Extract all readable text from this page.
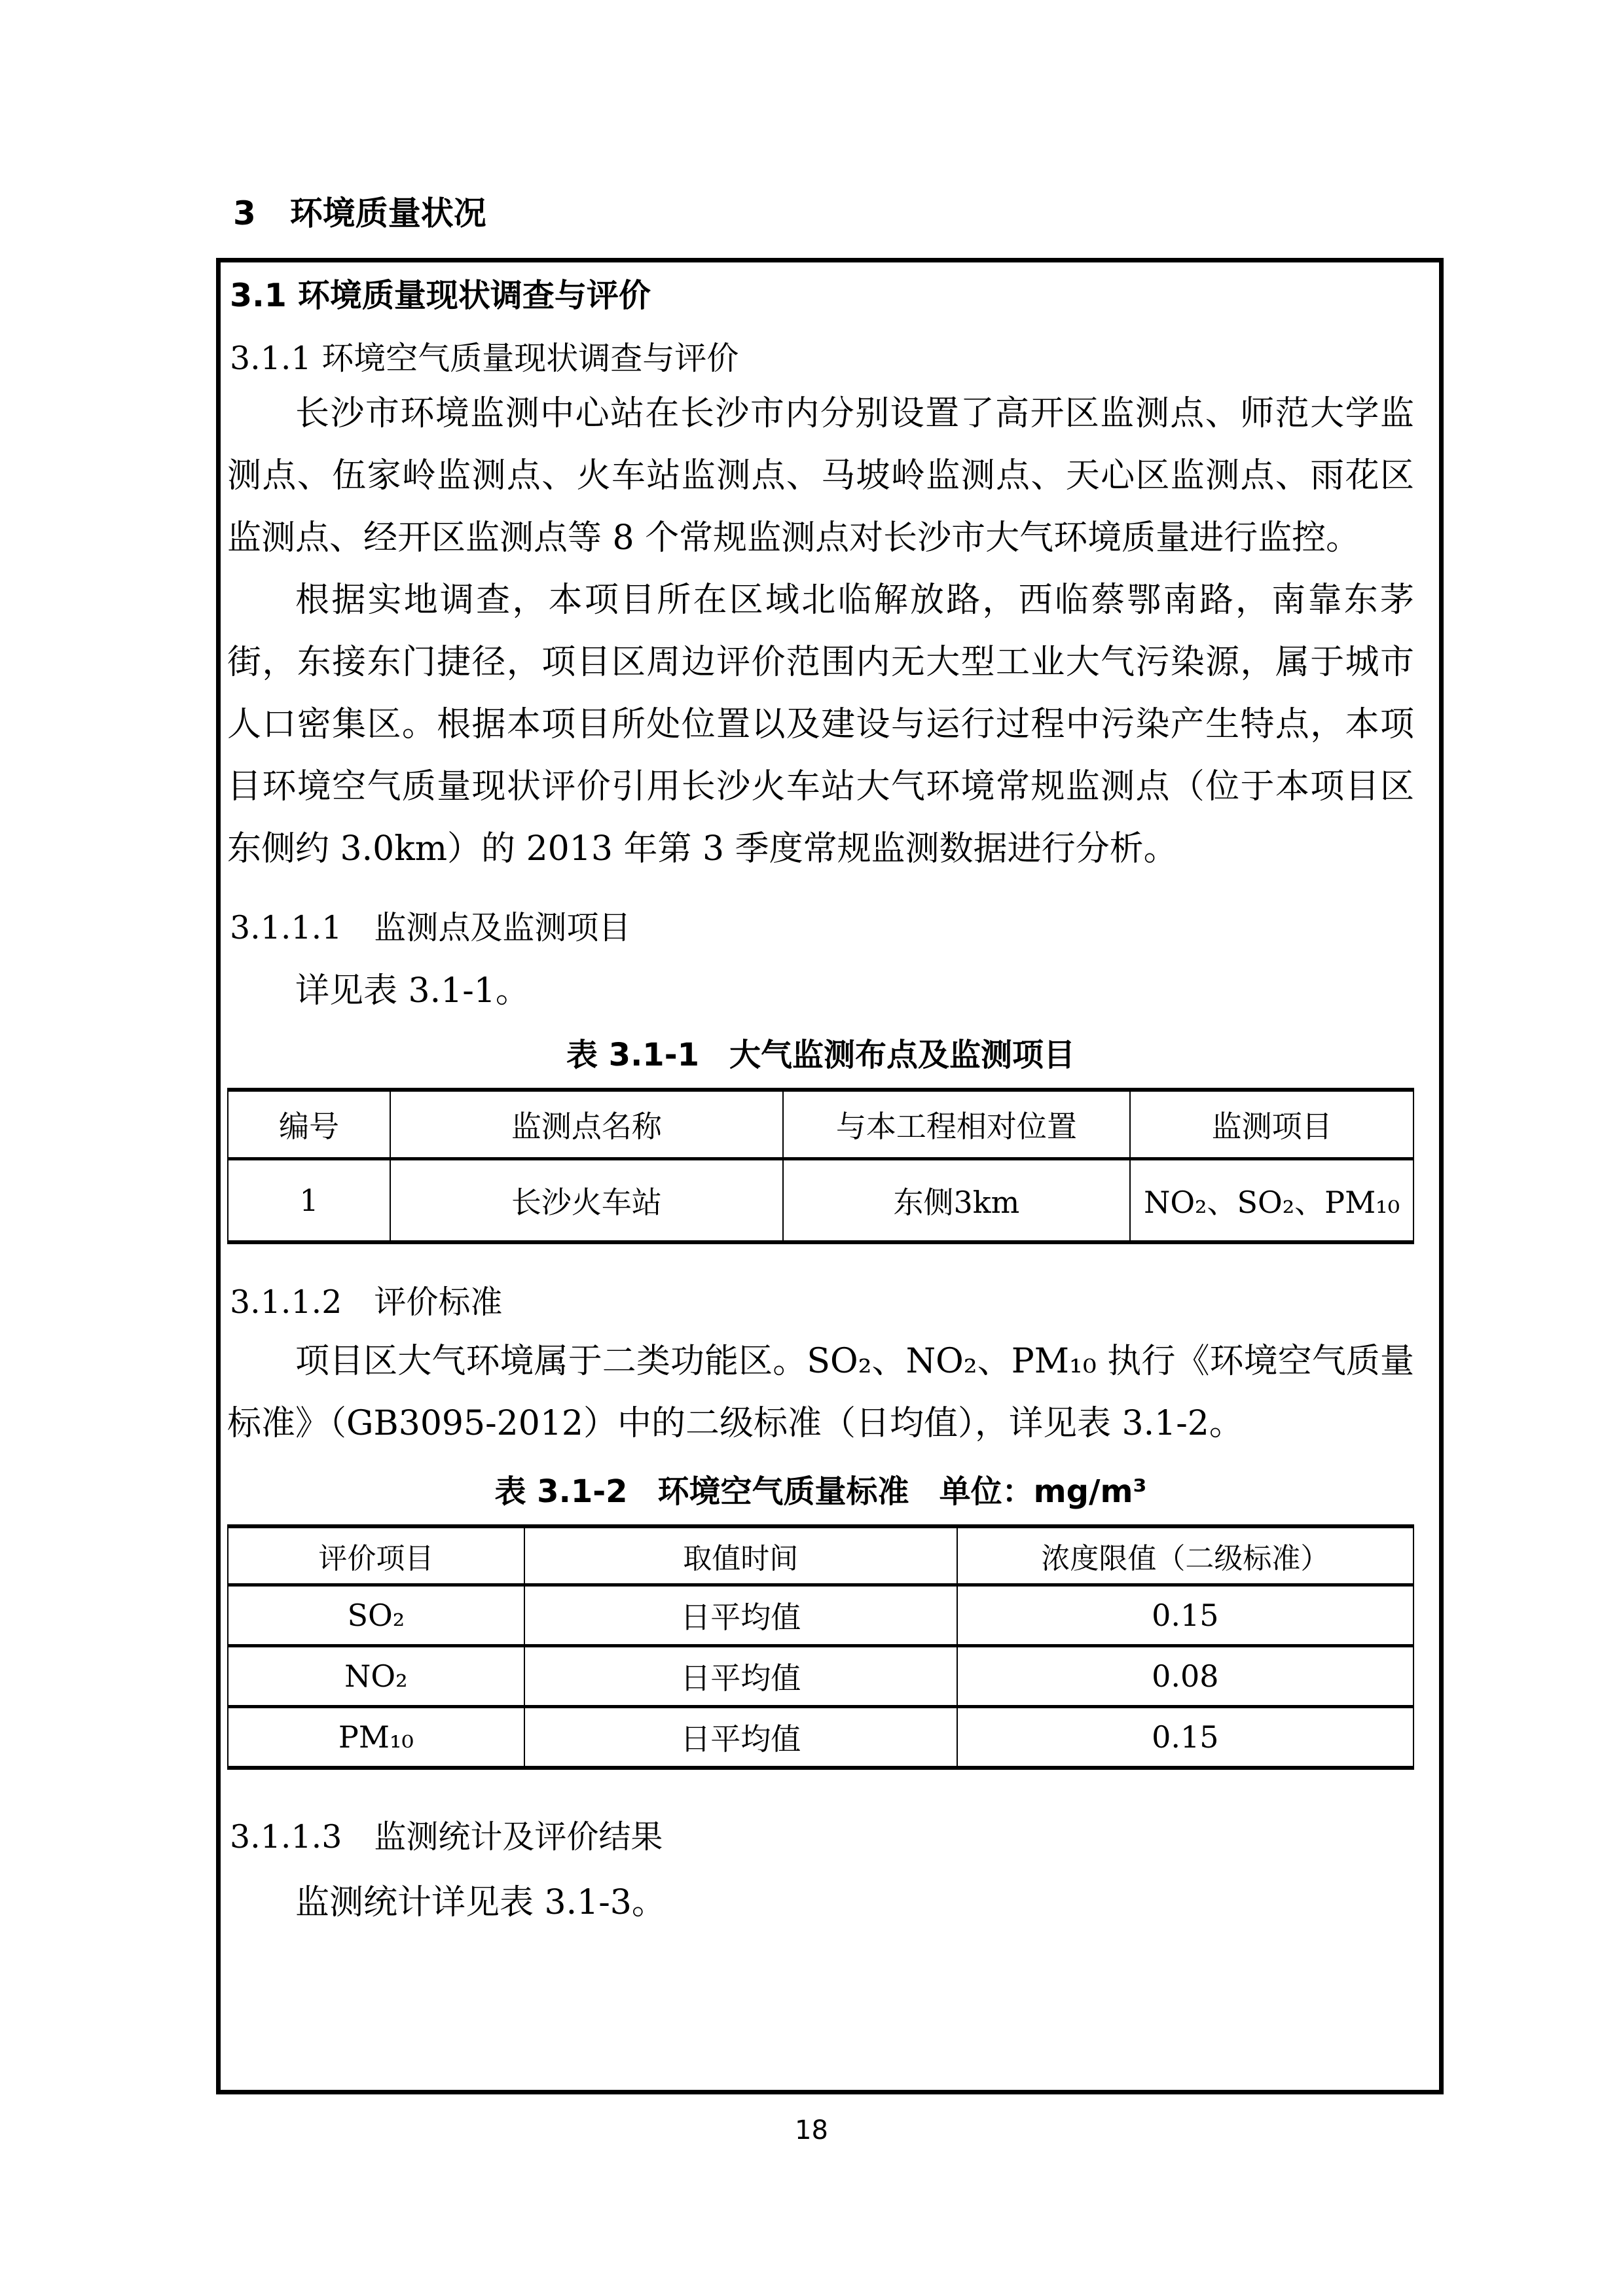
3 环境质量状况
3.1 环境质量现状调查与评价
3.1.1 环境空气质量现状调查与评价

长沙市环境监测中心站在长沙市内分别设置了高开区监测点、师范大学监测点、伍家岭监测点、火车站监测点、马坡岭监测点、天心区监测点、雨花区监测点、经开区监测点等 8 个常规监测点对长沙市大气环境质量进行监控。

根据实地调查，本项目所在区域北临解放路，西临蔡鄂南路，南靠东茅街，东接东门捷径，项目区周边评价范围内无大型工业大气污染源，属于城市人口密集区。根据本项目所处位置以及建设与运行过程中污染产生特点，本项目环境空气质量现状评价引用长沙火车站大气环境常规监测点（位于本项目区东侧约 3.0km）的 2013 年第 3 季度常规监测数据进行分析。

3.1.1.1　监测点及监测项目

详见表 3.1-1。

表 3.1-1 大气监测布点及监测项目
编号	监测点名称	与本工程相对位置	监测项目
1	长沙火车站	东侧3km	NO₂、SO₂、PM₁₀
3.1.1.2　评价标准

项目区大气环境属于二类功能区。SO₂、NO₂、PM₁₀ 执行《环境空气质量标准》（GB3095-2012）中的二级标准（日均值），详见表 3.1-2。

表 3.1-2 环境空气质量标准 单位：mg/m³
评价项目	取值时间	浓度限值（二级标准）
SO₂	日平均值	0.15
NO₂	日平均值	0.08
PM₁₀	日平均值	0.15
3.1.1.3　监测统计及评价结果

监测统计详见表 3.1-3。

18
